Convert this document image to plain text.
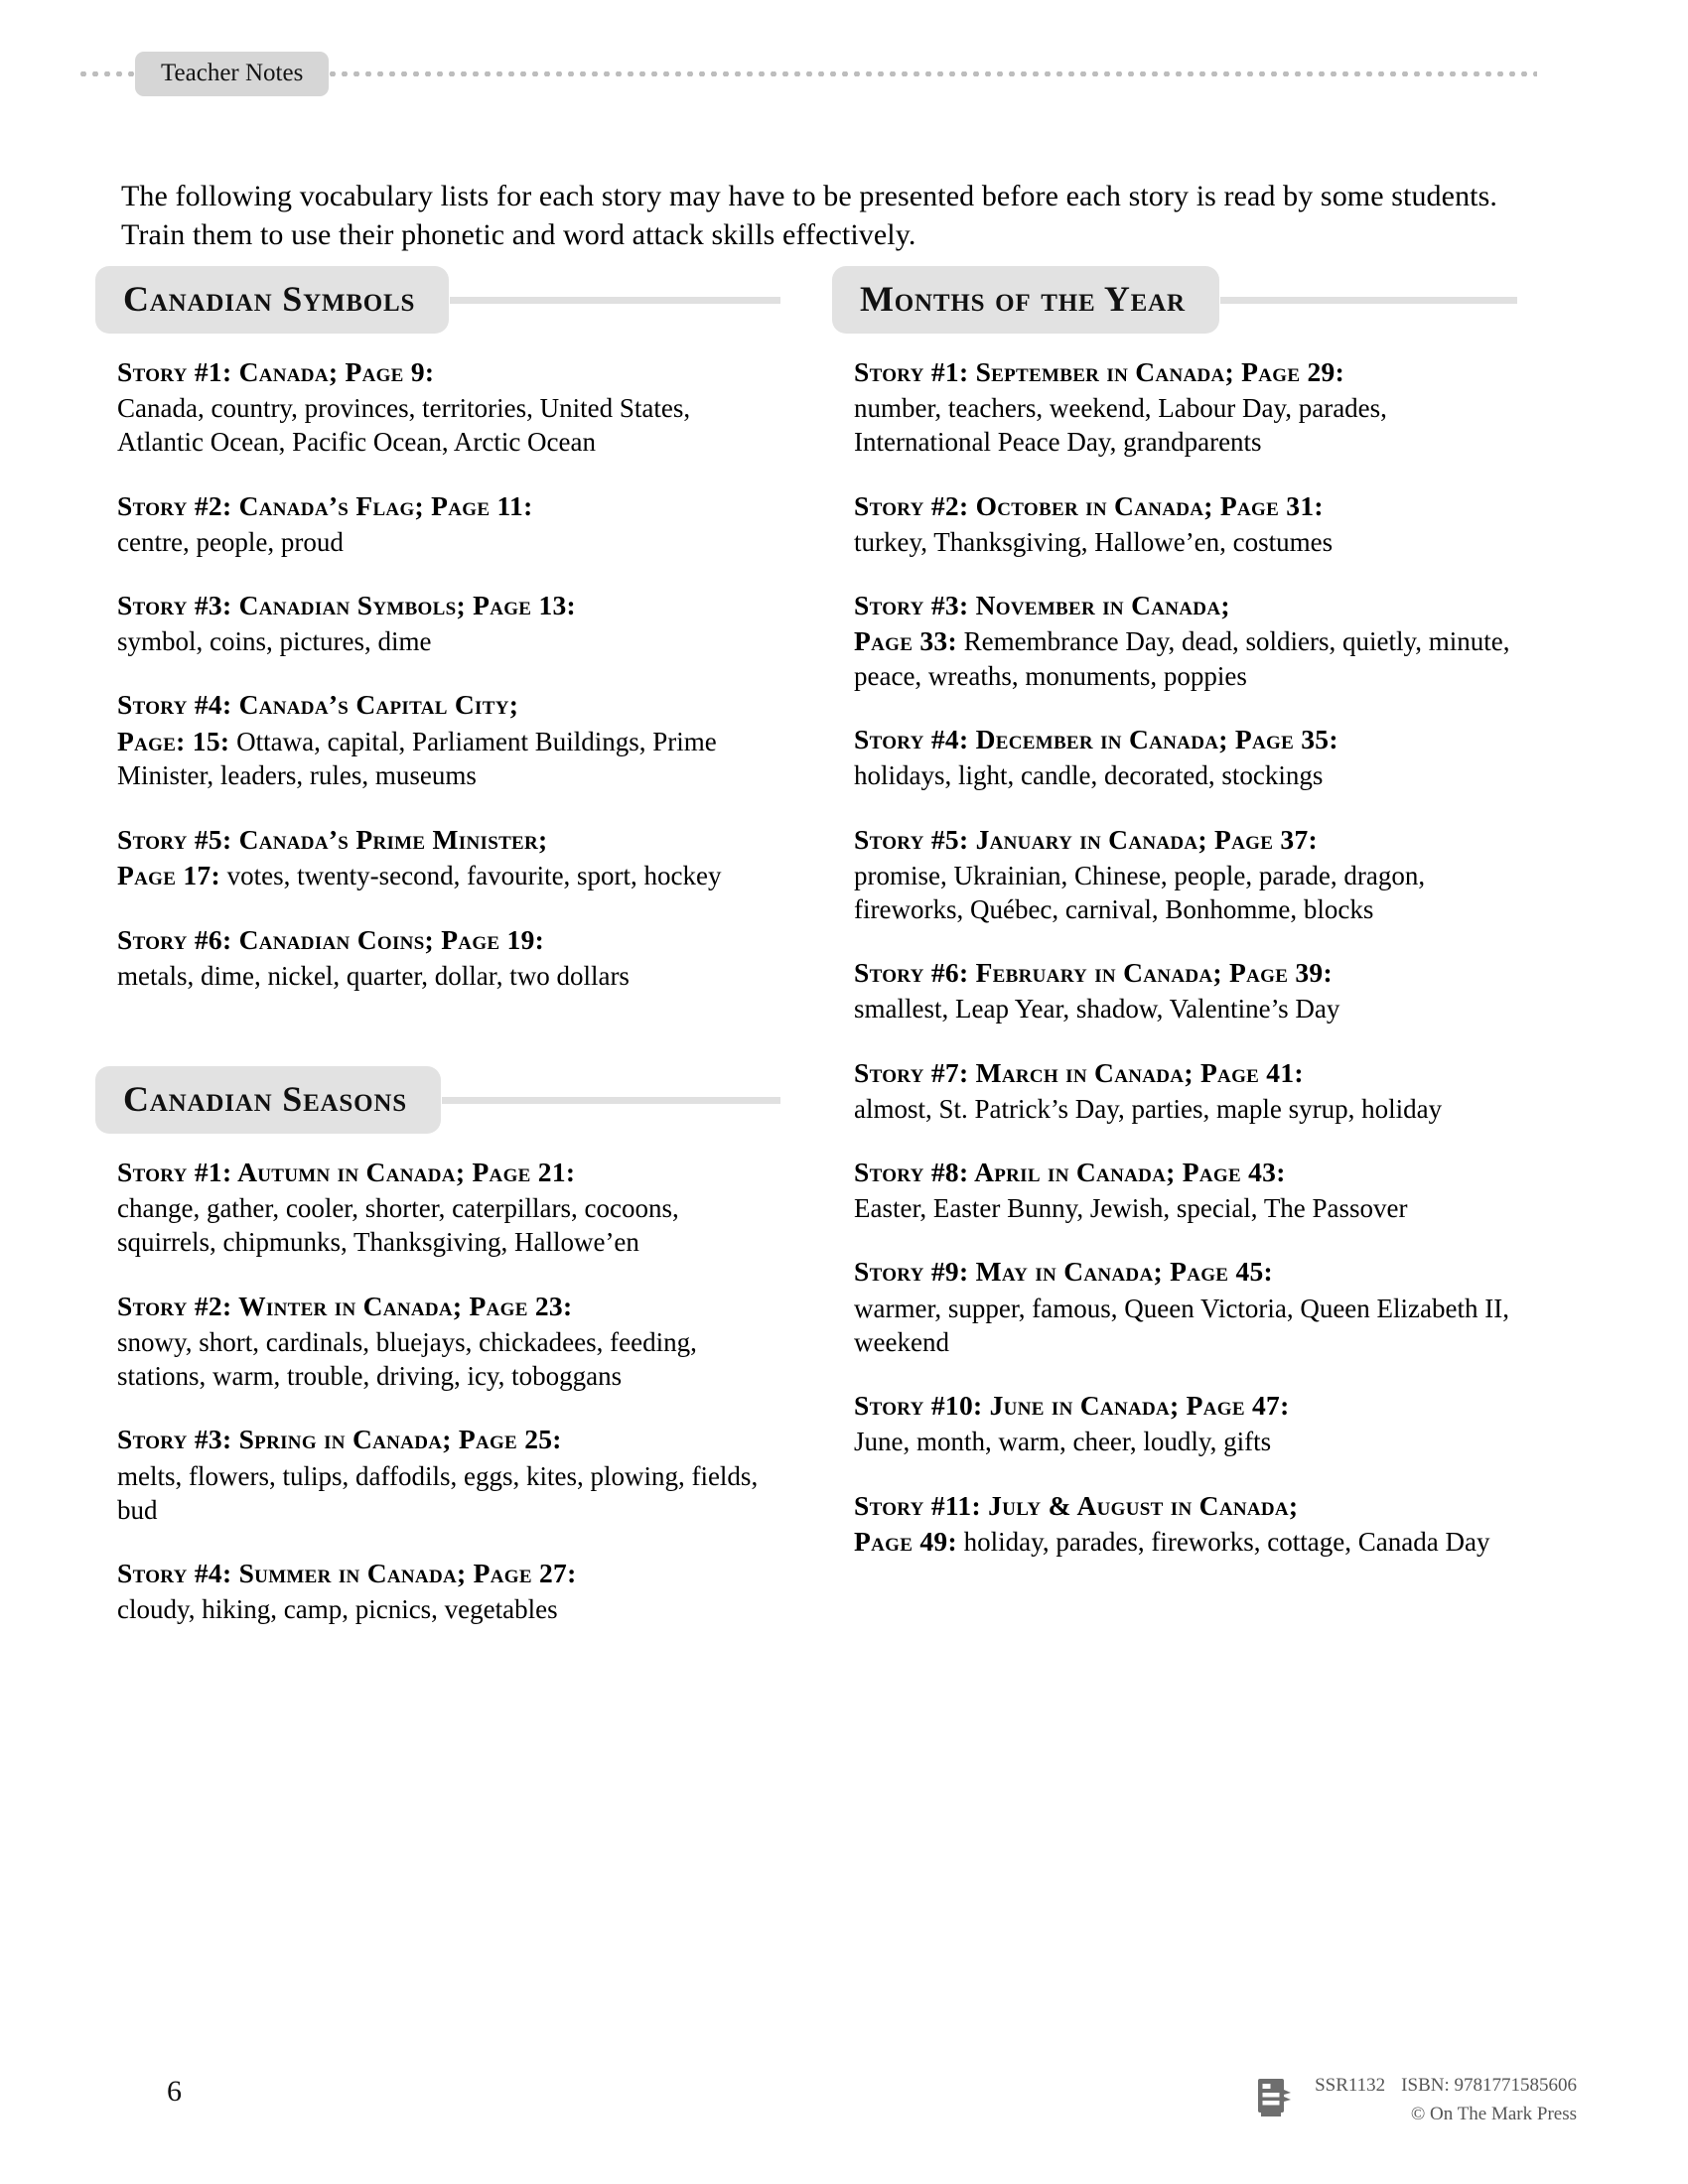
Teacher Notes

The following vocabulary lists for each story may have to be presented before each story is read by some students. Train them to use their phonetic and word attack skills effectively.

Canadian Symbols
Story #1: Canada; Page 9:
Canada, country, provinces, territories, United States, Atlantic Ocean, Pacific Ocean, Arctic Ocean
Story #2: Canada’s Flag; Page 11:
centre, people, proud
Story #3: Canadian Symbols; Page 13:
symbol, coins, pictures, dime
Story #4: Canada’s Capital City;
Page: 15: Ottawa, capital, Parliament Buildings, Prime Minister, leaders, rules, museums
Story #5: Canada’s Prime Minister;
Page 17: votes, twenty-second, favourite, sport, hockey
Story #6: Canadian Coins; Page 19:
metals, dime, nickel, quarter, dollar, two dollars
Canadian Seasons
Story #1: Autumn in Canada; Page 21:
change, gather, cooler, shorter, caterpillars, cocoons, squirrels, chipmunks, Thanksgiving, Hallowe’en
Story #2: Winter in Canada; Page 23:
snowy, short, cardinals, bluejays, chickadees, feeding, stations, warm, trouble, driving, icy, toboggans
Story #3: Spring in Canada; Page 25:
melts, flowers, tulips, daffodils, eggs, kites, plowing, fields, bud
Story #4: Summer in Canada; Page 27:
cloudy, hiking, camp, picnics, vegetables
Months of the Year
Story #1: September in Canada; Page 29:
number, teachers, weekend, Labour Day, parades, International Peace Day, grandparents
Story #2: October in Canada; Page 31:
turkey, Thanksgiving, Hallowe’en, costumes
Story #3: November in Canada;
Page 33: Remembrance Day, dead, soldiers, quietly, minute, peace, wreaths, monuments, poppies
Story #4: December in Canada; Page 35:
holidays, light, candle, decorated, stockings
Story #5: January in Canada; Page 37:
promise, Ukrainian, Chinese, people, parade, dragon, fireworks, Québec, carnival, Bonhomme, blocks
Story #6: February in Canada; Page 39:
smallest, Leap Year, shadow, Valentine’s Day
Story #7: March in Canada; Page 41:
almost, St. Patrick’s Day, parties, maple syrup, holiday
Story #8: April in Canada; Page 43:
Easter, Easter Bunny, Jewish, special, The Passover
Story #9: May in Canada; Page 45:
warmer, supper, famous, Queen Victoria, Queen Elizabeth II, weekend
Story #10: June in Canada; Page 47:
June, month, warm, cheer, loudly, gifts
Story #11: July & August in Canada;
Page 49: holiday, parades, fireworks, cottage, Canada Day
6	SSR1132 ISBN: 9781771585606
© On The Mark Press
